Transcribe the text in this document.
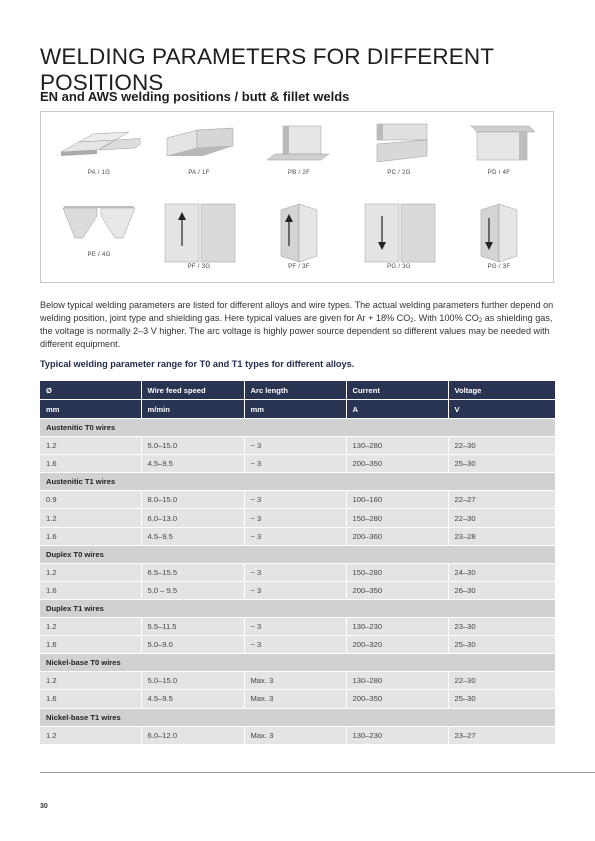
WELDING PARAMETERS FOR DIFFERENT POSITIONS
EN and AWS welding positions / butt & fillet welds
PA / 1G	PA / 1F	PB / 2F	PC / 2G	PD / 4F
PE / 4G
PF / 3G	PF / 3F	PG / 3G	PG / 3F

Below typical welding parameters are listed for different alloys and wire types. The actual welding parameters further depend on welding position, joint type and shielding gas. Here typical values are given for Ar + 18% $CO_2$. With 100% $CO_2$ as shielding gas, the voltage is normally 2–3 V higher. The arc voltage is highly power source dependent so different values may be needed with different equipment.

Typical welding parameter range for T0 and T1 types for different alloys.

Ø	Wire feed speed	Arc length	Current	Voltage
mm	m/min	mm	A	V
Austenitic T0 wires				
1.2	5.0–15.0	~ 3	130–280	22–30
1.6	4.5–9.5	~ 3	200–350	25–30
Austenitic T1 wires				
0.9	8.0–15.0	~ 3	100–160	22–27
1.2	6.0–13.0	~ 3	150–280	22–30
1.6	4.5–9.5	~ 3	200–360	23–28
Duplex T0 wires				
1.2	6.5–15.5	~ 3	150–280	24–30
1.6	5.0 – 9.5	~ 3	200–350	26–30
Duplex T1 wires				
1.2	5.5–11.5	~ 3	130–230	23–30
1.6	5.0–9.0	~ 3	200–320	25–30
Nickel-base T0 wires				
1.2	5.0–15.0	Max. 3	130–280	22–30
1.6	4.5–9.5	Max. 3	200–350	25–30
Nickel-base T1 wires				
1.2	6.0–12.0	Max. 3	130–230	23–27
30
